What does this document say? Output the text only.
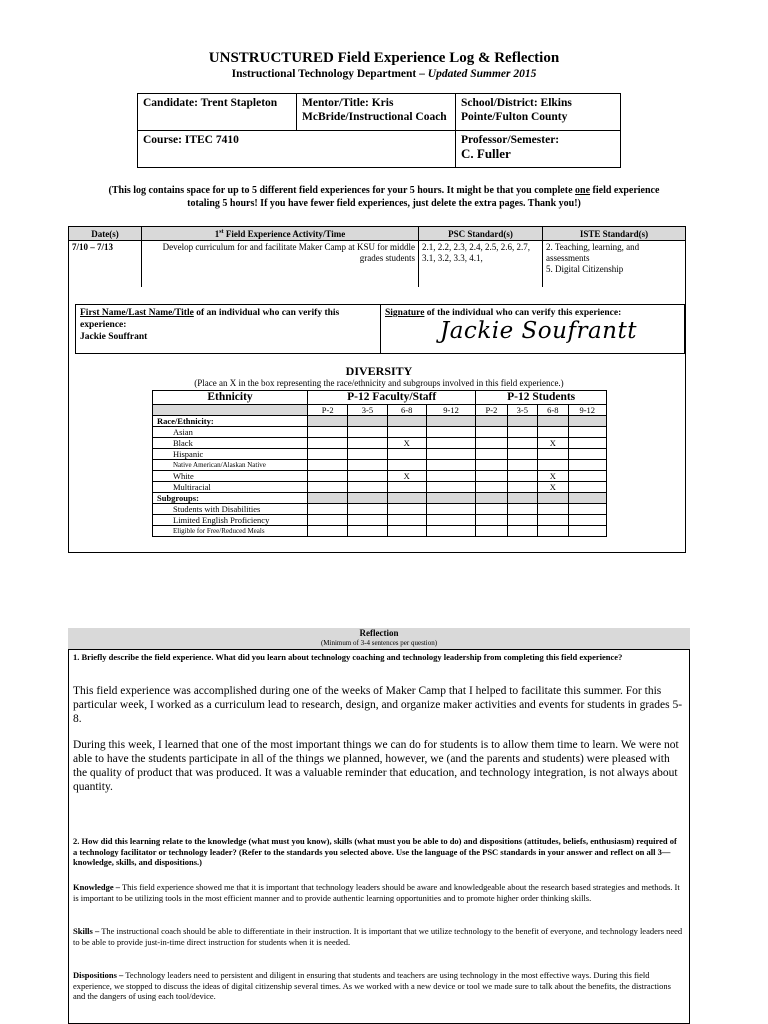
UNSTRUCTURED Field Experience Log & Reflection
Instructional Technology Department – Updated Summer 2015
Candidate: Trent Stapleton	Mentor/Title: Kris McBride/Instructional Coach	School/District: Elkins Pointe/Fulton County
Course: ITEC 7410		Professor/Semester:
C. Fuller
(This log contains space for up to 5 different field experiences for your 5 hours. It might be that you complete one field experience totaling 5 hours! If you have fewer field experiences, just delete the extra pages. Thank you!)
Date(s)	1st Field Experience Activity/Time	PSC Standard(s)	ISTE Standard(s)
7/10 – 7/13	Develop curriculum for and facilitate Maker Camp at KSU for middle grades students	2.1, 2.2, 2.3, 2.4, 2.5, 2.6, 2.7, 3.1, 3.2, 3.3, 4.1,	2. Teaching, learning, and assessments
5. Digital Citizenship
First Name/Last Name/Title of an individual who can verify this experience:
Jackie Souffrant
	Signature of the individual who can verify this experience:
Jackie Soufrantt
DIVERSITY
(Place an X in the box representing the race/ethnicity and subgroups involved in this field experience.)
Ethnicity	P-12 Faculty/Staff				P-12 Students			
	P-2	3-5	6-8	9-12	P-2	3-5	6-8	9-12
Race/Ethnicity:								
Asian								
Black			X				X	
Hispanic								
Native American/Alaskan Native								
White			X				X	
Multiracial							X	
Subgroups:								
Students with Disabilities								
Limited English Proficiency								
Eligible for Free/Reduced Meals								
Reflection
(Minimum of 3-4 sentences per question)
1. Briefly describe the field experience. What did you learn about technology coaching and technology leadership from completing this field experience?
This field experience was accomplished during one of the weeks of Maker Camp that I helped to facilitate this summer. For this particular week, I worked as a curriculum lead to research, design, and organize maker activities and events for students in grades 5-8.
During this week, I learned that one of the most important things we can do for students is to allow them time to learn. We were not able to have the students participate in all of the things we planned, however, we (and the parents and students) were pleased with the quality of product that was produced. It was a valuable reminder that education, and technology integration, is not always about quantity.
2. How did this learning relate to the knowledge (what must you know), skills (what must you be able to do) and dispositions (attitudes, beliefs, enthusiasm) required of a technology facilitator or technology leader? (Refer to the standards you selected above. Use the language of the PSC standards in your answer and reflect on all 3—knowledge, skills, and dispositions.)
Knowledge – This field experience showed me that it is important that technology leaders should be aware and knowledgeable about the research based strategies and methods. It is important to be utilizing tools in the most efficient manner and to provide authentic learning opportunities and to promote higher order thinking skills.
Skills – The instructional coach should be able to differentiate in their instruction. It is important that we utilize technology to the benefit of everyone, and technology leaders need to be able to provide just-in-time direct instruction for students when it is needed.
Dispositions – Technology leaders need to persistent and diligent in ensuring that students and teachers are using technology in the most effective ways. During this field experience, we stopped to discuss the ideas of digital citizenship several times. As we worked with a new device or tool we made sure to talk about the benefits, the distractions and the dangers of using each tool/device.
